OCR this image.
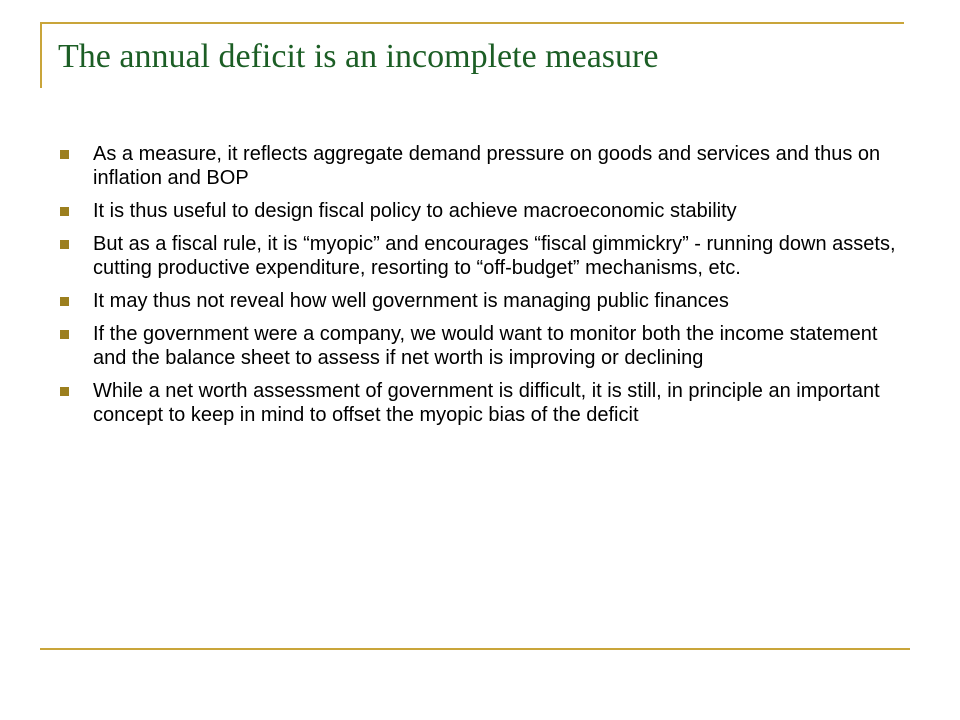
The annual deficit is an incomplete measure
As a measure, it reflects aggregate demand pressure on goods and services and thus on inflation and BOP
It is thus useful to design fiscal policy to achieve macroeconomic stability
But as a fiscal rule, it is “myopic” and encourages “fiscal gimmickry” - running down assets, cutting productive expenditure, resorting to “off-budget” mechanisms, etc.
It may thus not reveal how well government is managing public finances
If the government were a company, we would want to monitor both the income statement and the balance sheet to assess if net worth is improving or declining
While a net worth assessment of government is difficult, it is still, in principle an important concept to keep in mind to offset the myopic bias of the deficit
